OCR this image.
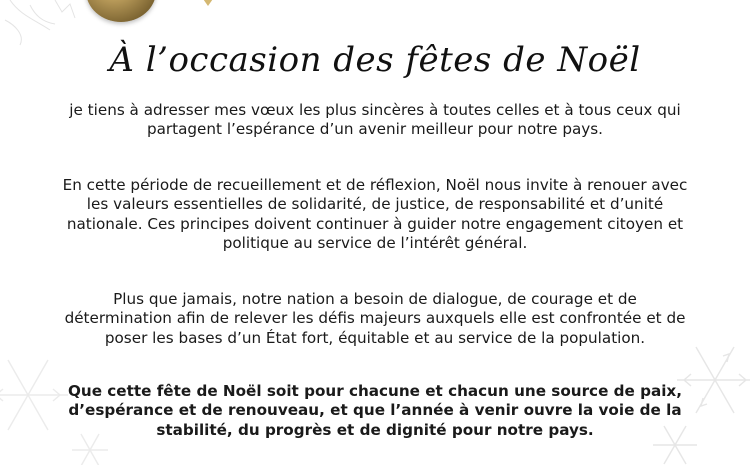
À l’occasion des fêtes de Noël
je tiens à adresser mes vœux les plus sincères à toutes celles et à tous ceux qui partagent l’espérance d’un avenir meilleur pour notre pays.
En cette période de recueillement et de réflexion, Noël nous invite à renouer avec les valeurs essentielles de solidarité, de justice, de responsabilité et d’unité nationale. Ces principes doivent continuer à guider notre engagement citoyen et politique au service de l’intérêt général.
Plus que jamais, notre nation a besoin de dialogue, de courage et de détermination afin de relever les défis majeurs auxquels elle est confrontée et de poser les bases d’un État fort, équitable et au service de la population.
Que cette fête de Noël soit pour chacune et chacun une source de paix, d’espérance et de renouveau, et que l’année à venir ouvre la voie de la stabilité, du progrès et de dignité pour notre pays.
